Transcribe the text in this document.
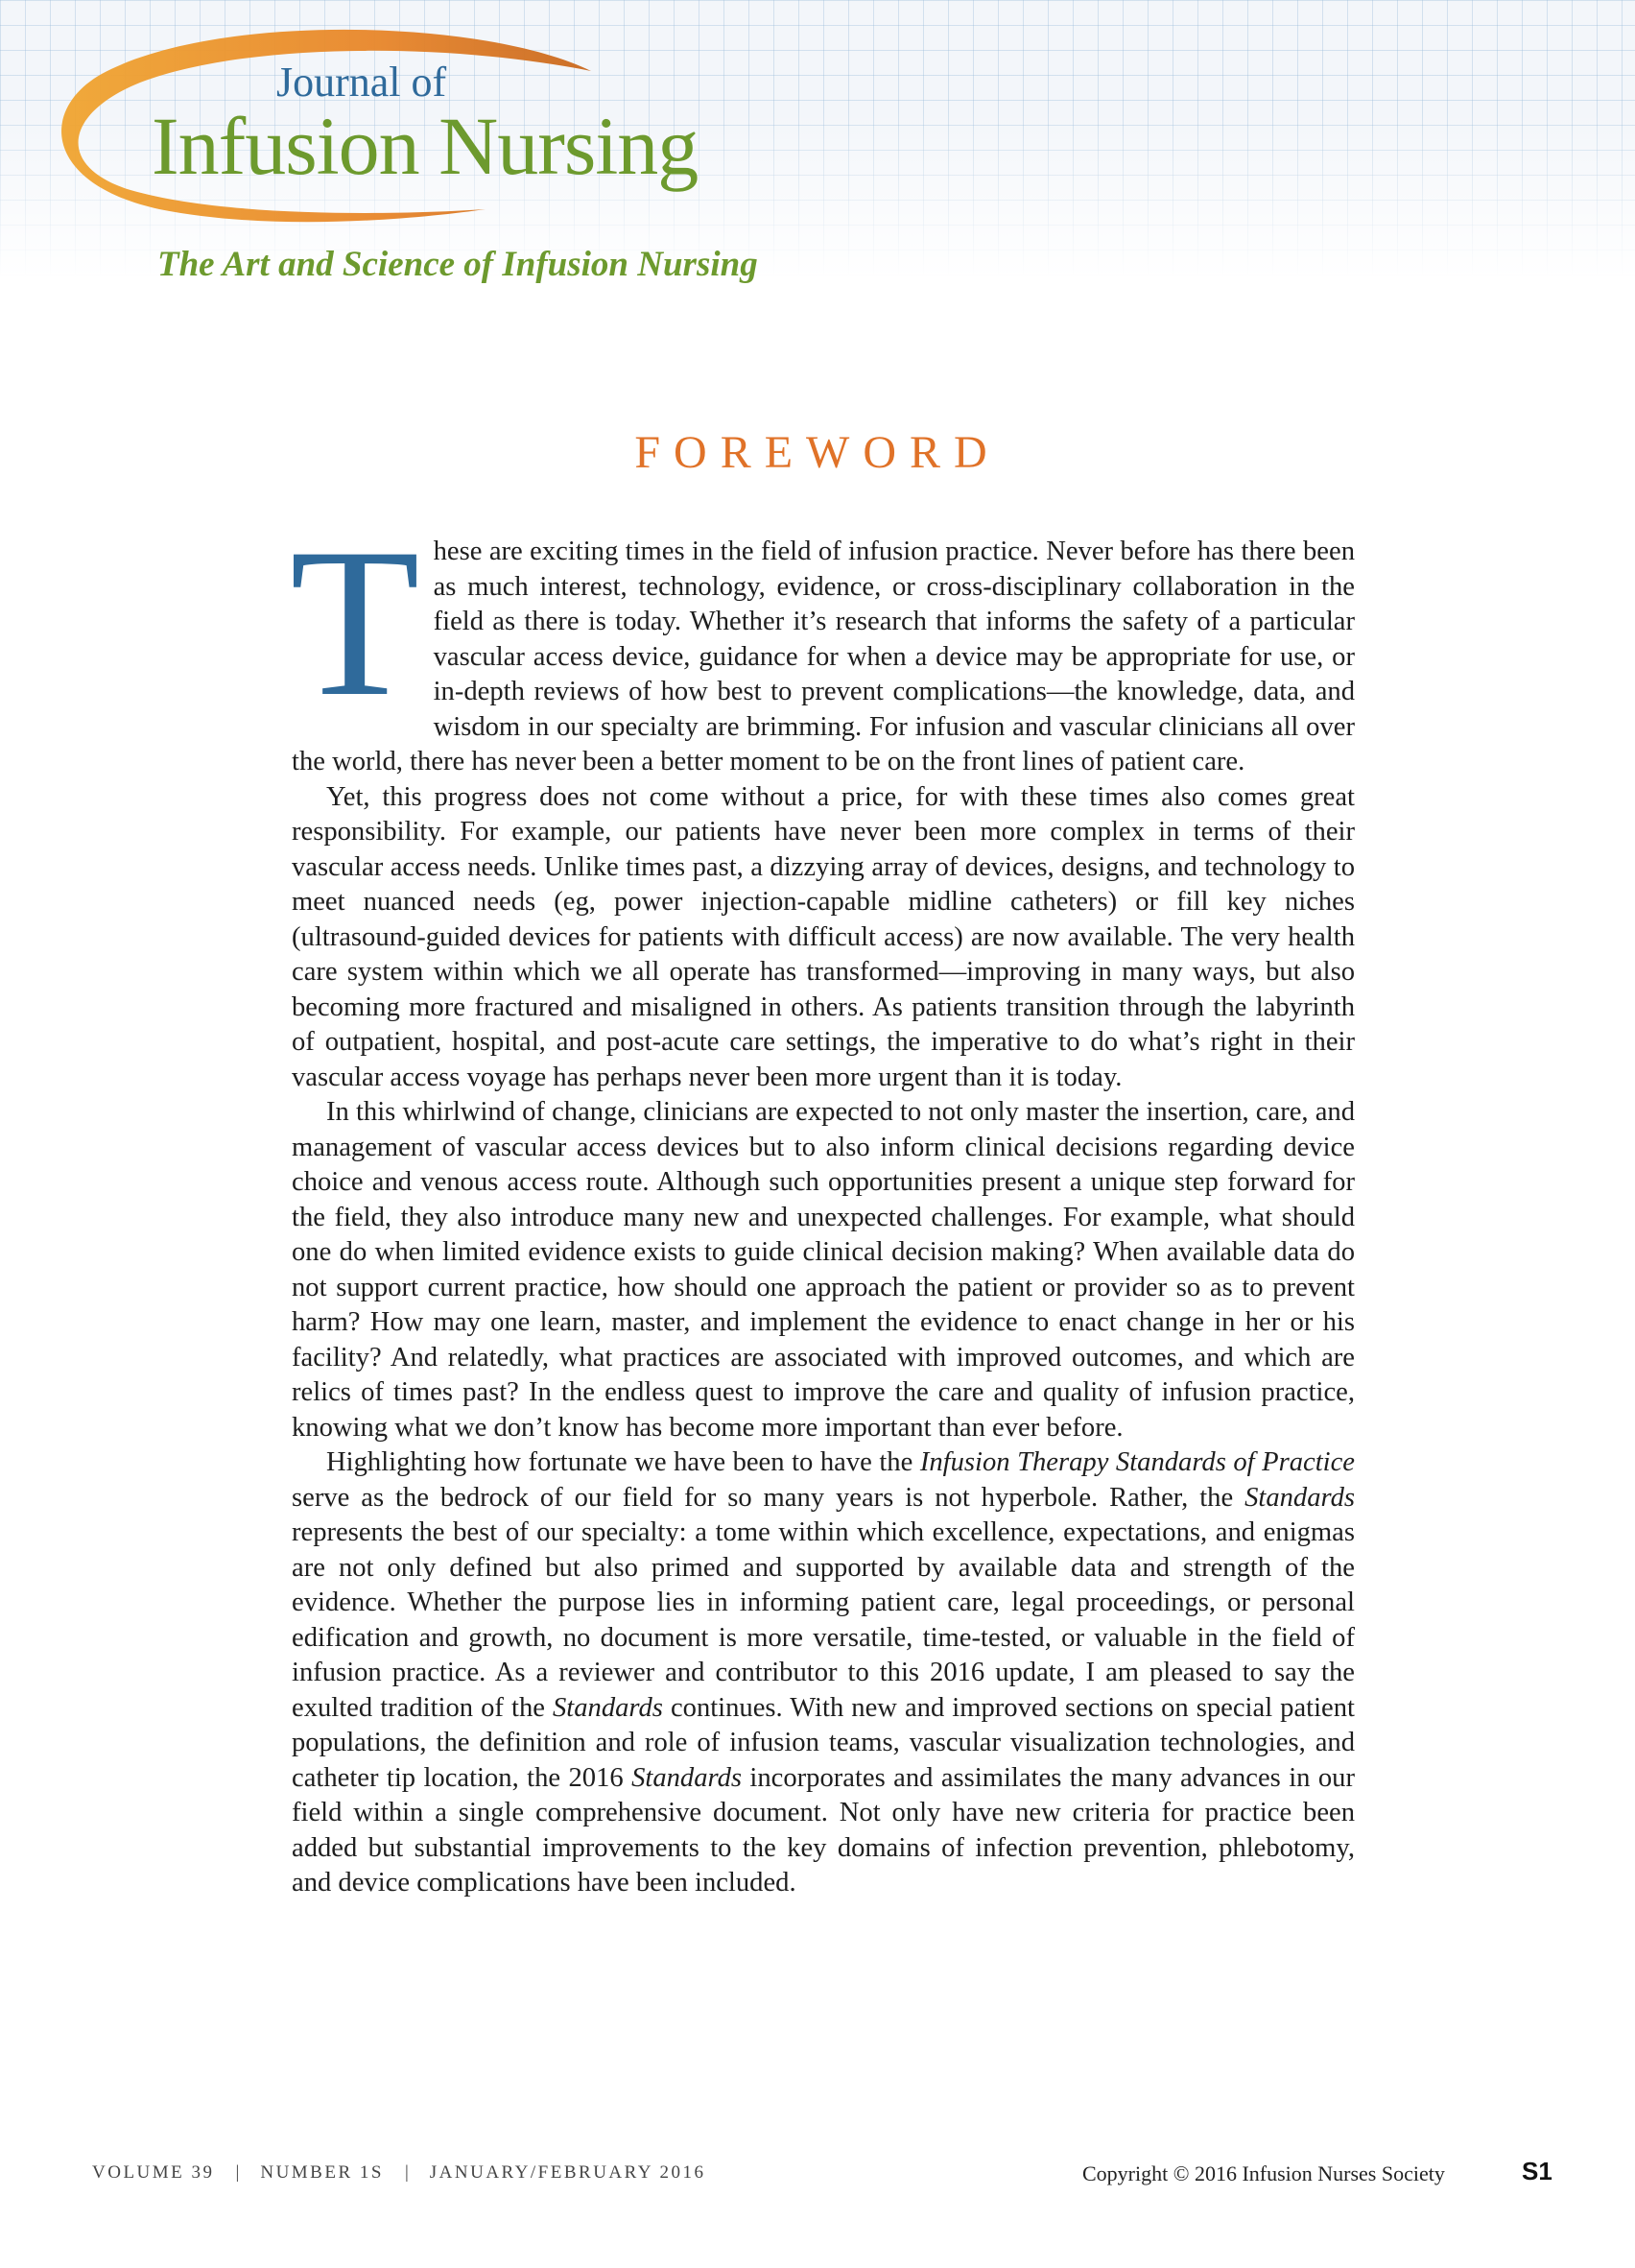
Journal of
Infusion Nursing
The Art and Science of Infusion Nursing
FOREWORD

These are exciting times in the field of infusion practice. Never before has there been as much interest, technology, evidence, or cross-disciplinary collaboration in the field as there is today. Whether it’s research that informs the safety of a particular vascular access device, guidance for when a device may be appropriate for use, or in-depth reviews of how best to prevent complications—the knowledge, data, and wisdom in our specialty are brimming. For infusion and vascular clinicians all over the world, there has never been a better moment to be on the front lines of patient care.

Yet, this progress does not come without a price, for with these times also comes great responsibility. For example, our patients have never been more complex in terms of their vascular access needs. Unlike times past, a dizzying array of devices, designs, and technology to meet nuanced needs (eg, power injection-capable midline catheters) or fill key niches (ultrasound-guided devices for patients with difficult access) are now available. The very health care system within which we all operate has transformed—improving in many ways, but also becoming more fractured and misaligned in others. As patients transition through the labyrinth of outpatient, hospital, and post-acute care settings, the imperative to do what’s right in their vascular access voyage has perhaps never been more urgent than it is today.

In this whirlwind of change, clinicians are expected to not only master the insertion, care, and management of vascular access devices but to also inform clinical decisions regarding device choice and venous access route. Although such opportunities present a unique step forward for the field, they also introduce many new and unexpected challenges. For example, what should one do when limited evidence exists to guide clinical decision making? When available data do not support current practice, how should one approach the patient or provider so as to prevent harm? How may one learn, master, and implement the evidence to enact change in her or his facility? And relatedly, what practices are associated with improved outcomes, and which are relics of times past? In the endless quest to improve the care and quality of infusion practice, knowing what we don’t know has become more important than ever before.

Highlighting how fortunate we have been to have the Infusion Therapy Standards of Practice serve as the bedrock of our field for so many years is not hyperbole. Rather, the Standards represents the best of our specialty: a tome within which excellence, expectations, and enigmas are not only defined but also primed and supported by available data and strength of the evidence. Whether the purpose lies in informing patient care, legal proceedings, or personal edification and growth, no document is more versatile, time-tested, or valuable in the field of infusion practice. As a reviewer and contributor to this 2016 update, I am pleased to say the exulted tradition of the Standards continues. With new and improved sections on special patient populations, the definition and role of infusion teams, vascular visualization technologies, and catheter tip location, the 2016 Standards incorporates and assimilates the many advances in our field within a single comprehensive document. Not only have new criteria for practice been added but substantial improvements to the key domains of infection prevention, phlebotomy, and device complications have been included.

VOLUME 39 | NUMBER 1S | JANUARY/FEBRUARY 2016	Copyright © 2016 Infusion Nurses Society	S1
